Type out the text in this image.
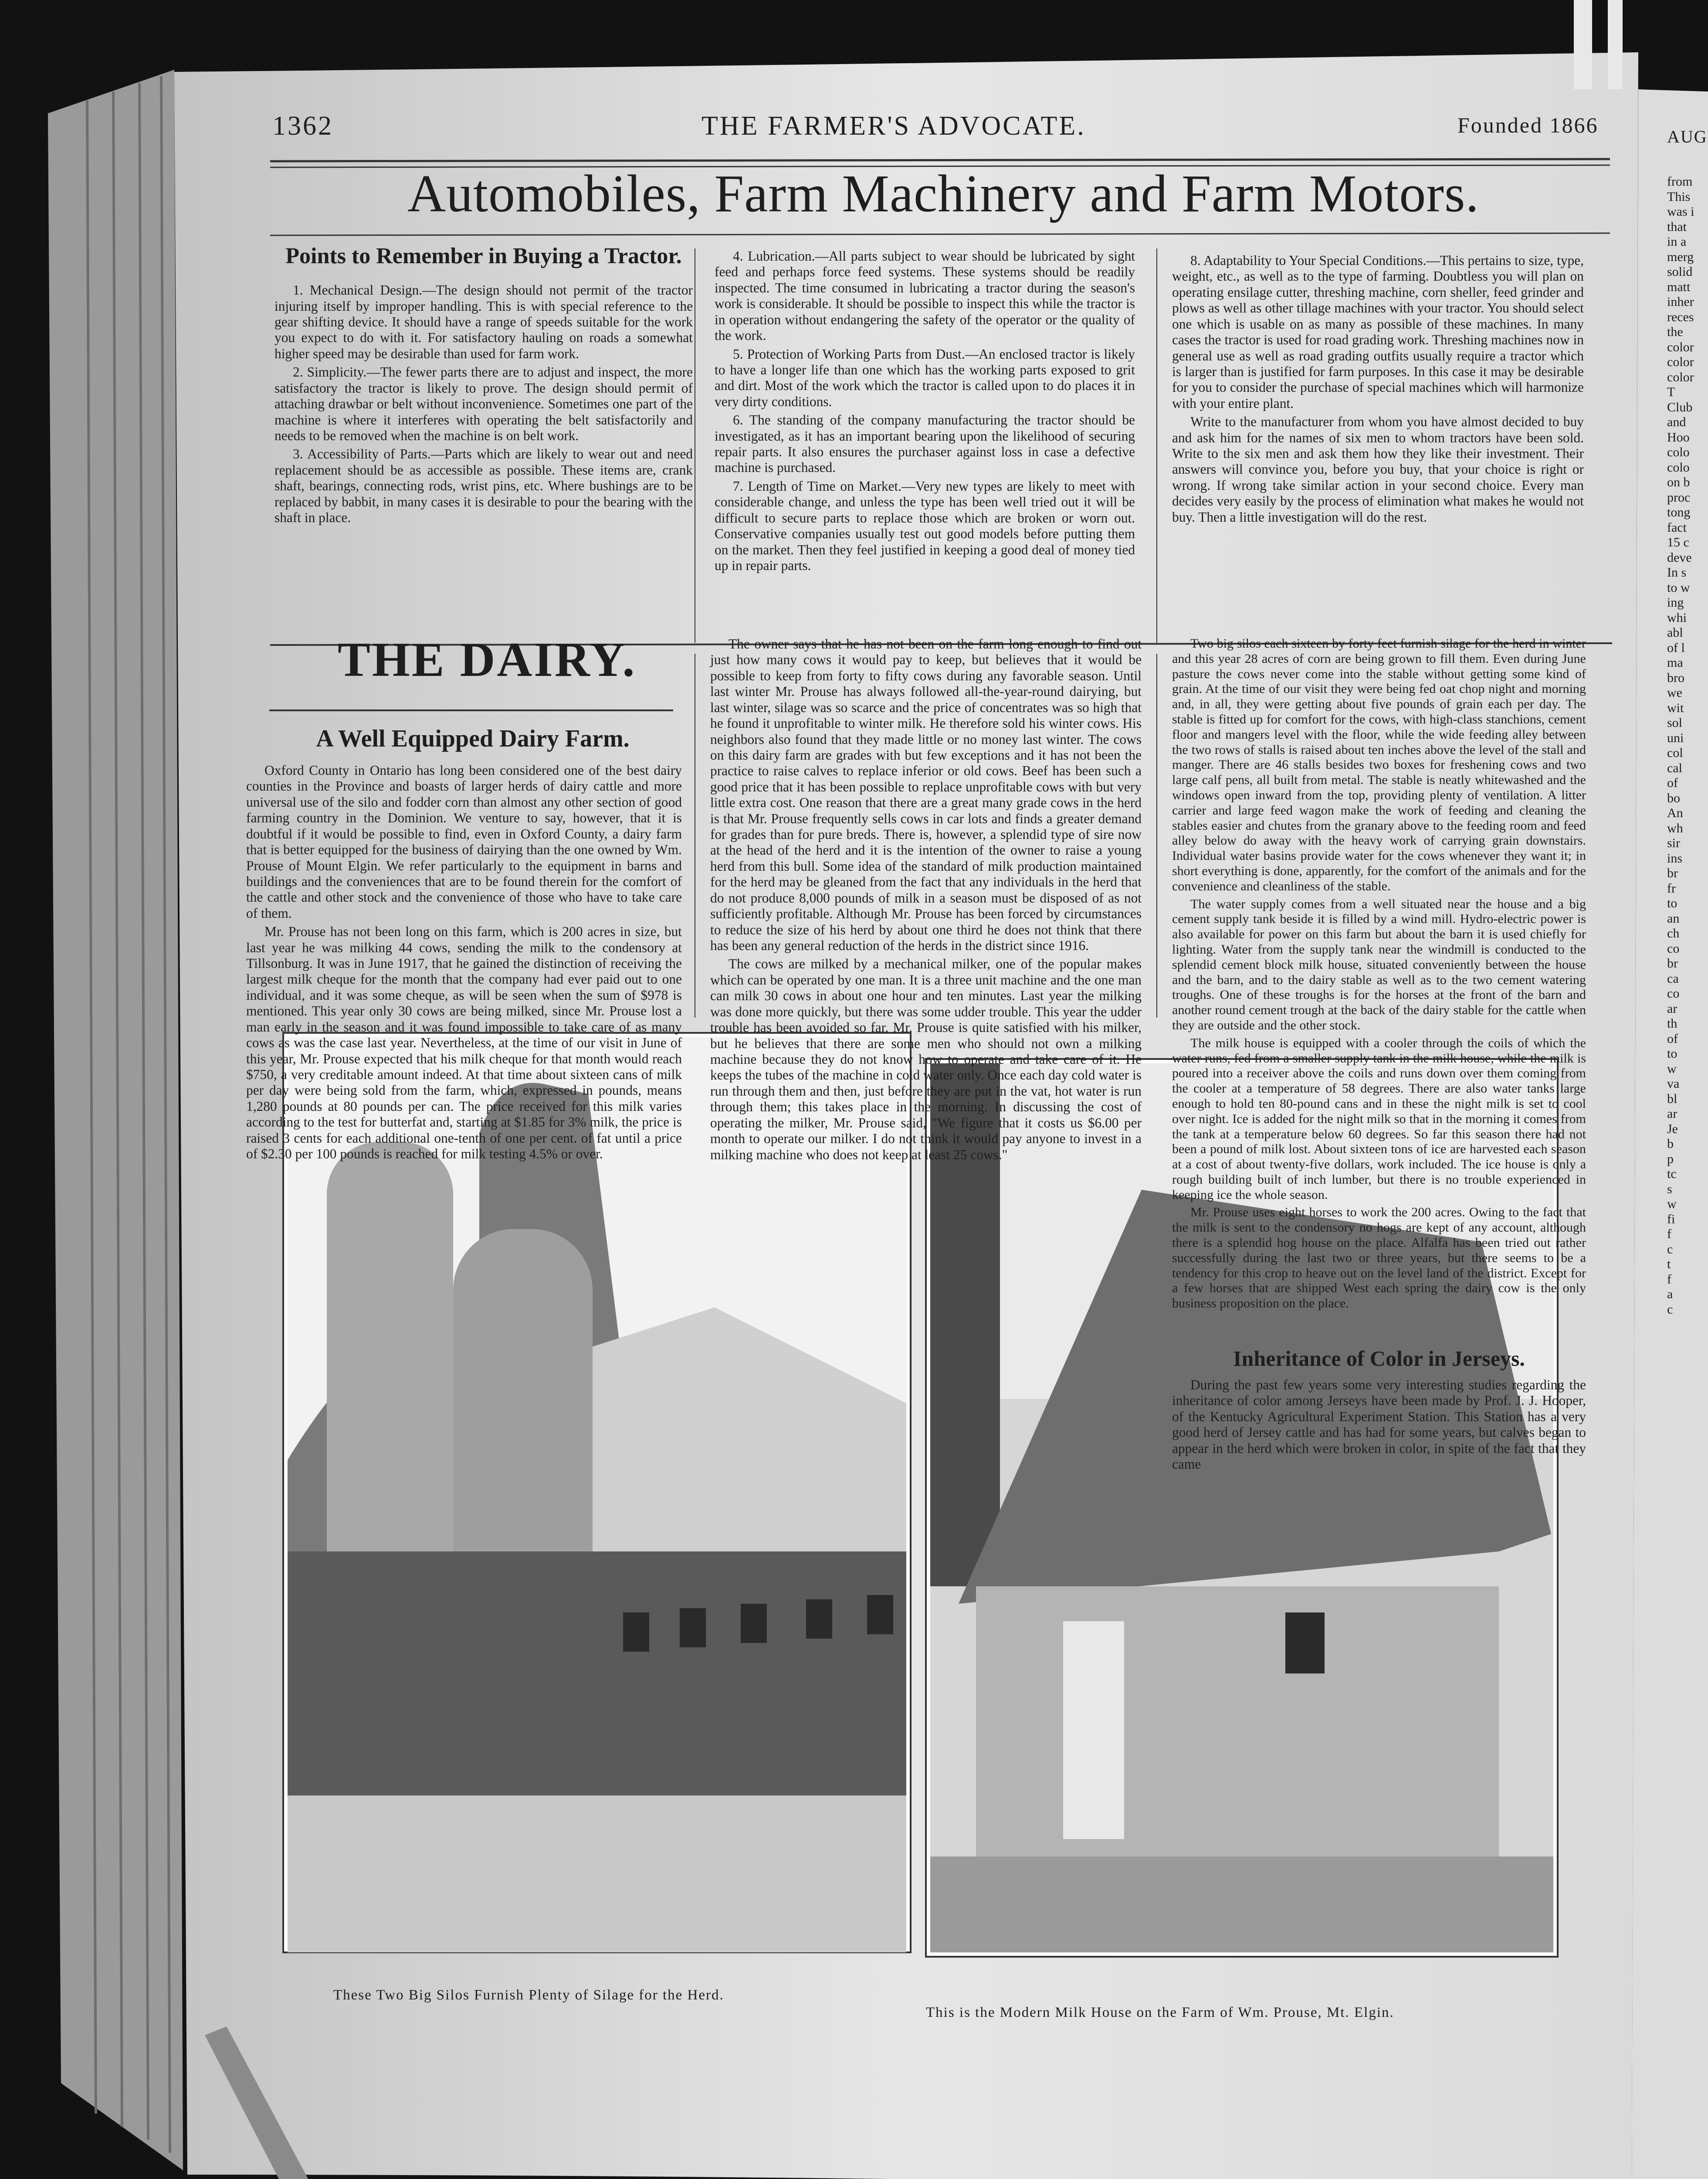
1362	THE FARMER'S ADVOCATE.	Founded 1866	AUG
Automobiles, Farm Machinery and Farm Motors.
Points to Remember in Buying a Tractor.

1. Mechanical Design.—The design should not permit of the tractor injuring itself by improper handling. This is with special reference to the gear shifting device. It should have a range of speeds suitable for the work you expect to do with it. For satisfactory hauling on roads a somewhat higher speed may be desirable than used for farm work.

2. Simplicity.—The fewer parts there are to adjust and inspect, the more satisfactory the tractor is likely to prove. The design should permit of attaching drawbar or belt without inconvenience. Sometimes one part of the machine is where it interferes with operating the belt satisfactorily and needs to be removed when the machine is on belt work.

3. Accessibility of Parts.—Parts which are likely to wear out and need replacement should be as accessible as possible. These items are, crank shaft, bearings, connecting rods, wrist pins, etc. Where bushings are to be replaced by babbit, in many cases it is desirable to pour the bearing with the shaft in place.

4. Lubrication.—All parts subject to wear should be lubricated by sight feed and perhaps force feed systems. These systems should be readily inspected. The time consumed in lubricating a tractor during the season's work is considerable. It should be possible to inspect this while the tractor is in operation without endangering the safety of the operator or the quality of the work.

5. Protection of Working Parts from Dust.—An enclosed tractor is likely to have a longer life than one which has the working parts exposed to grit and dirt. Most of the work which the tractor is called upon to do places it in very dirty conditions.

6. The standing of the company manufacturing the tractor should be investigated, as it has an important bearing upon the likelihood of securing repair parts. It also ensures the purchaser against loss in case a defective machine is purchased.

7. Length of Time on Market.—Very new types are likely to meet with considerable change, and unless the type has been well tried out it will be difficult to secure parts to replace those which are broken or worn out. Conservative companies usually test out good models before putting them on the market. Then they feel justified in keeping a good deal of money tied up in repair parts.

8. Adaptability to Your Special Conditions.—This pertains to size, type, weight, etc., as well as to the type of farming. Doubtless you will plan on operating ensilage cutter, threshing machine, corn sheller, feed grinder and plows as well as other tillage machines with your tractor. You should select one which is usable on as many as possible of these machines. In many cases the tractor is used for road grading work. Threshing machines now in general use as well as road grading outfits usually require a tractor which is larger than is justified for farm purposes. In this case it may be desirable for you to consider the purchase of special machines which will harmonize with your entire plant.

Write to the manufacturer from whom you have almost decided to buy and ask him for the names of six men to whom tractors have been sold. Write to the six men and ask them how they like their investment. Their answers will convince you, before you buy, that your choice is right or wrong. If wrong take similar action in your second choice. Every man decides very easily by the process of elimination what makes he would not buy. Then a little investigation will do the rest.

THE DAIRY.
A Well Equipped Dairy Farm.

Oxford County in Ontario has long been considered one of the best dairy counties in the Province and boasts of larger herds of dairy cattle and more universal use of the silo and fodder corn than almost any other section of good farming country in the Dominion. We venture to say, however, that it is doubtful if it would be possible to find, even in Oxford County, a dairy farm that is better equipped for the business of dairying than the one owned by Wm. Prouse of Mount Elgin. We refer particularly to the equipment in barns and buildings and the conveniences that are to be found therein for the comfort of the cattle and other stock and the convenience of those who have to take care of them.

Mr. Prouse has not been long on this farm, which is 200 acres in size, but last year he was milking 44 cows, sending the milk to the condensory at Tillsonburg. It was in June 1917, that he gained the distinction of receiving the largest milk cheque for the month that the company had ever paid out to one individual, and it was some cheque, as will be seen when the sum of $978 is mentioned. This year only 30 cows are being milked, since Mr. Prouse lost a man early in the season and it was found impossible to take care of as many cows as was the case last year. Nevertheless, at the time of our visit in June of this year, Mr. Prouse expected that his milk cheque for that month would reach $750, a very creditable amount indeed. At that time about sixteen cans of milk per day were being sold from the farm, which, expressed in pounds, means 1,280 pounds at 80 pounds per can. The price received for this milk varies according to the test for butterfat and, starting at $1.85 for 3% milk, the price is raised 3 cents for each additional one-tenth of one per cent. of fat until a price of $2.30 per 100 pounds is reached for milk testing 4.5% or over.

The owner says that he has not been on the farm long enough to find out just how many cows it would pay to keep, but believes that it would be possible to keep from forty to fifty cows during any favorable season. Until last winter Mr. Prouse has always followed all-the-year-round dairying, but last winter, silage was so scarce and the price of concentrates was so high that he found it unprofitable to winter milk. He therefore sold his winter cows. His neighbors also found that they made little or no money last winter. The cows on this dairy farm are grades with but few exceptions and it has not been the practice to raise calves to replace inferior or old cows. Beef has been such a good price that it has been possible to replace unprofitable cows with but very little extra cost. One reason that there are a great many grade cows in the herd is that Mr. Prouse frequently sells cows in car lots and finds a greater demand for grades than for pure breds. There is, however, a splendid type of sire now at the head of the herd and it is the intention of the owner to raise a young herd from this bull. Some idea of the standard of milk production maintained for the herd may be gleaned from the fact that any individuals in the herd that do not produce 8,000 pounds of milk in a season must be disposed of as not sufficiently profitable. Although Mr. Prouse has been forced by circumstances to reduce the size of his herd by about one third he does not think that there has been any general reduction of the herds in the district since 1916.

The cows are milked by a mechanical milker, one of the popular makes which can be operated by one man. It is a three unit machine and the one man can milk 30 cows in about one hour and ten minutes. Last year the milking was done more quickly, but there was some udder trouble. This year the udder trouble has been avoided so far. Mr. Prouse is quite satisfied with his milker, but he believes that there are some men who should not own a milking machine because they do not know how to operate and take care of it. He keeps the tubes of the machine in cold water only. Once each day cold water is run through them and then, just before they are put in the vat, hot water is run through them; this takes place in the morning. In discussing the cost of operating the milker, Mr. Prouse said, "We figure that it costs us $6.00 per month to operate our milker. I do not think it would pay anyone to invest in a milking machine who does not keep at least 25 cows."

Two big silos each sixteen by forty feet furnish silage for the herd in winter and this year 28 acres of corn are being grown to fill them. Even during June pasture the cows never come into the stable without getting some kind of grain. At the time of our visit they were being fed oat chop night and morning and, in all, they were getting about five pounds of grain each per day. The stable is fitted up for comfort for the cows, with high-class stanchions, cement floor and mangers level with the floor, while the wide feeding alley between the two rows of stalls is raised about ten inches above the level of the stall and manger. There are 46 stalls besides two boxes for freshening cows and two large calf pens, all built from metal. The stable is neatly whitewashed and the windows open inward from the top, providing plenty of ventilation. A litter carrier and large feed wagon make the work of feeding and cleaning the stables easier and chutes from the granary above to the feeding room and feed alley below do away with the heavy work of carrying grain downstairs. Individual water basins provide water for the cows whenever they want it; in short everything is done, apparently, for the comfort of the animals and for the convenience and cleanliness of the stable.

The water supply comes from a well situated near the house and a big cement supply tank beside it is filled by a wind mill. Hydro-electric power is also available for power on this farm but about the barn it is used chiefly for lighting. Water from the supply tank near the windmill is conducted to the splendid cement block milk house, situated conveniently between the house and the barn, and to the dairy stable as well as to the two cement watering troughs. One of these troughs is for the horses at the front of the barn and another round cement trough at the back of the dairy stable for the cattle when they are outside and the other stock.

The milk house is equipped with a cooler through the coils of which the water runs, fed from a smaller supply tank in the milk house, while the milk is poured into a receiver above the coils and runs down over them coming from the cooler at a temperature of 58 degrees. There are also water tanks large enough to hold ten 80-pound cans and in these the night milk is set to cool over night. Ice is added for the night milk so that in the morning it comes from the tank at a temperature below 60 degrees. So far this season there had not been a pound of milk lost. About sixteen tons of ice are harvested each season at a cost of about twenty-five dollars, work included. The ice house is only a rough building built of inch lumber, but there is no trouble experienced in keeping ice the whole season.

Mr. Prouse uses eight horses to work the 200 acres. Owing to the fact that the milk is sent to the condensory no hogs are kept of any account, although there is a splendid hog house on the place. Alfalfa has been tried out rather successfully during the last two or three years, but there seems to be a tendency for this crop to heave out on the level land of the district. Except for a few horses that are shipped West each spring the dairy cow is the only business proposition on the place.

Inheritance of Color in Jerseys.

During the past few years some very interesting studies regarding the inheritance of color among Jerseys have been made by Prof. J. J. Hooper, of the Kentucky Agricultural Experiment Station. This Station has a very good herd of Jersey cattle and has had for some years, but calves began to appear in the herd which were broken in color, in spite of the fact that they came

These Two Big Silos Furnish Plenty of Silage for the Herd.
This is the Modern Milk House on the Farm of Wm. Prouse, Mt. Elgin.
from
This
was i
that
in a
merg
solid
matt
inher
reces
the
color
color
color
T
Club
and
Hoo
colo
colo
on b
proc
tong
fact
15 c
deve
In s
to w
ing
whi
abl
of l
ma
bro
we
wit
sol
uni
col
cal
of
bo
An
wh
sir
ins
br
fr
to
an
ch
co
br
ca
co
ar
th
of
to
w
va
bl
ar
Je
b
p
tc
s
w
fi
f
c
t
f
a
c
